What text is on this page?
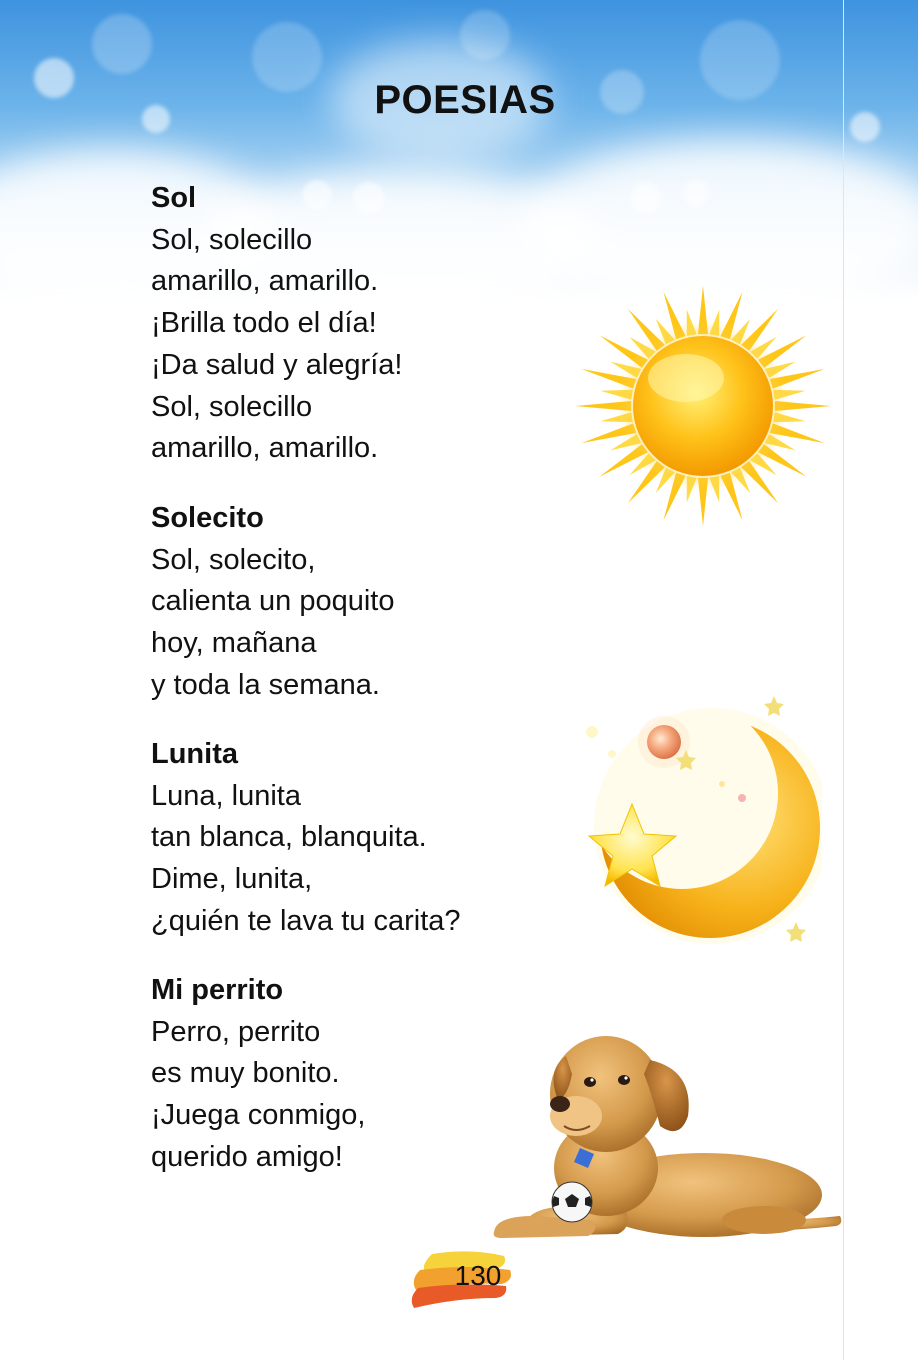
POESIAS
Sol
Sol, solecillo
amarillo, amarillo.
¡Brilla todo el día!
¡Da salud y alegría!
Sol, solecillo
amarillo, amarillo.
Solecito
Sol, solecito,
calienta un poquito
hoy, mañana
y toda la semana.
Lunita
Luna, lunita
tan blanca, blanquita.
Dime, lunita,
¿quién te lava tu carita?
Mi perrito
Perro, perrito
es muy bonito.
¡Juega conmigo,
querido amigo!
130
